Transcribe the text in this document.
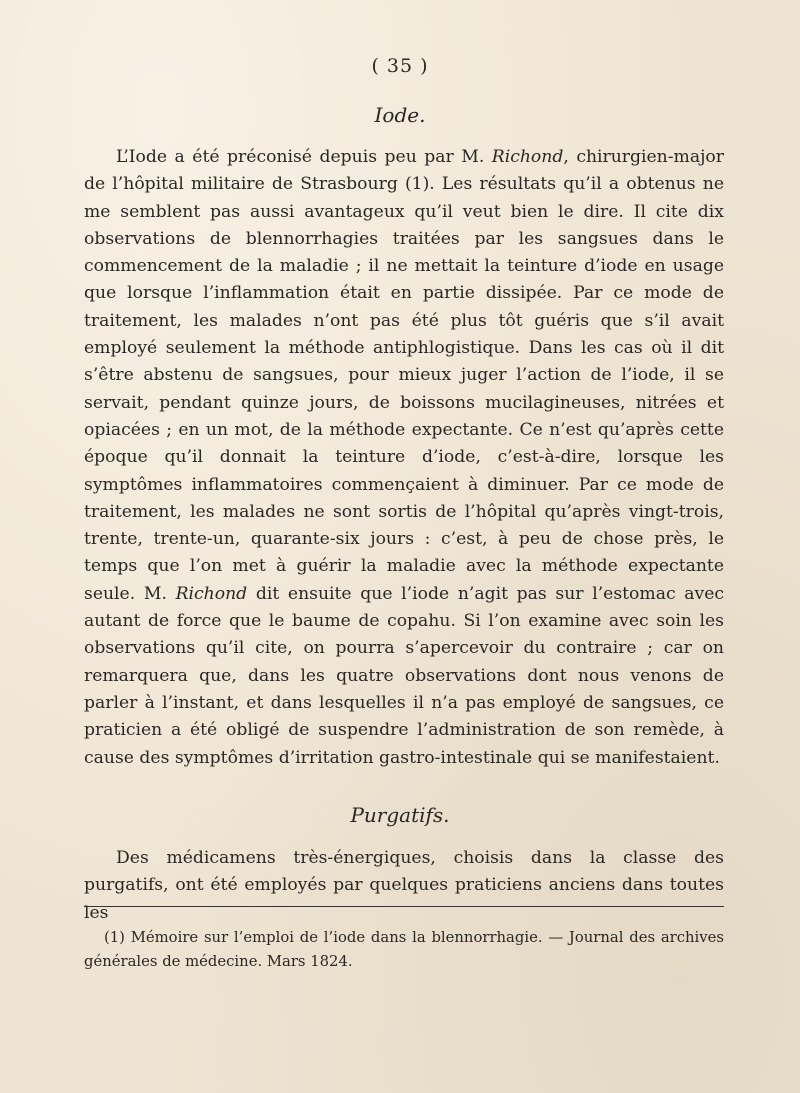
( 35 )
Iode.

L’Iode a été préconisé depuis peu par M. Richond, chirurgien-major de l’hôpital militaire de Strasbourg (1). Les résultats qu’il a obtenus ne me semblent pas aussi avantageux qu’il veut bien le dire. Il cite dix observations de blennorrhagies traitées par les sangsues dans le commencement de la maladie ; il ne mettait la teinture d’iode en usage que lorsque l’inflammation était en partie dissipée. Par ce mode de traitement, les malades n’ont pas été plus tôt guéris que s’il avait employé seulement la méthode antiphlogistique. Dans les cas où il dit s’être abstenu de sangsues, pour mieux juger l’action de l’iode, il se servait, pendant quinze jours, de boissons mucilagineuses, nitrées et opiacées ; en un mot, de la méthode expectante. Ce n’est qu’après cette époque qu’il donnait la teinture d’iode, c’est-à-dire, lorsque les symptômes inflammatoires commençaient à diminuer. Par ce mode de traitement, les malades ne sont sortis de l’hôpital qu’après vingt-trois, trente, trente-un, quarante-six jours : c’est, à peu de chose près, le temps que l’on met à guérir la maladie avec la méthode expectante seule. M. Richond dit ensuite que l’iode n’agit pas sur l’estomac avec autant de force que le baume de copahu. Si l’on examine avec soin les observations qu’il cite, on pourra s’apercevoir du contraire ; car on remarquera que, dans les quatre observations dont nous venons de parler à l’instant, et dans lesquelles il n’a pas employé de sangsues, ce praticien a été obligé de suspendre l’administration de son remède, à cause des symptômes d’irritation gastro-intestinale qui se manifestaient.

Purgatifs.

Des médicamens très-énergiques, choisis dans la classe des purgatifs, ont été employés par quelques praticiens anciens dans toutes les

(1) Mémoire sur l’emploi de l’iode dans la blennorrhagie. — Journal des archives générales de médecine. Mars 1824.
